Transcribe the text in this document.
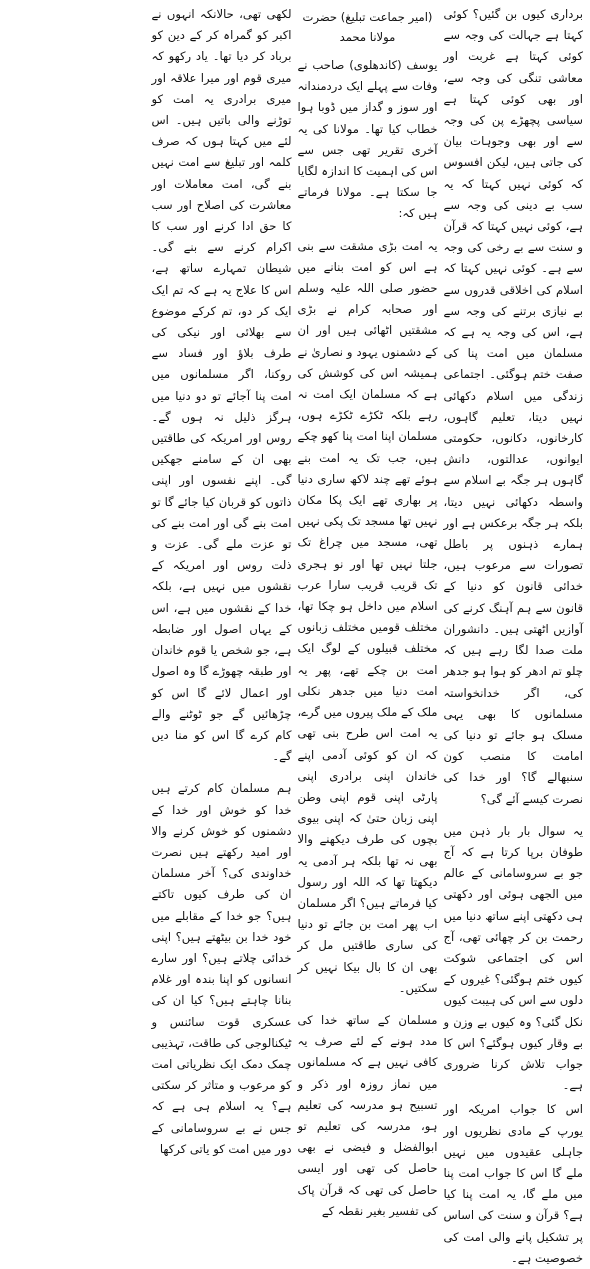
برداری کیوں بن گئیں؟ کوئی کہتا ہے جہالت کی وجہ سے کوئی کہتا ہے غربت اور معاشی تنگی کی وجہ سے، اور بھی کوئی کہتا ہے سیاسی پچھڑے پن کی وجہ سے اور بھی وجوہات بیان کی جاتی ہیں، لیکن افسوس کہ کوئی نہیں کہتا کہ یہ سب بے دینی کی وجہ سے ہے، کوئی نہیں کہتا کہ قرآن و سنت سے بے رخی کی وجہ سے ہے۔ کوئی نہیں کہتا کہ اسلام کی اخلاقی قدروں سے بے نیازی برتنے کی وجہ سے ہے، اس کی وجہ یہ ہے کہ مسلمان میں امت پنا کی صفت ختم ہوگئی۔ اجتماعی زندگی میں اسلام دکھائی نہیں دیتا، تعلیم گاہوں، کارخانوں، دکانوں، حکومتی ایوانوں، عدالتوں، دانش گاہوں ہر جگہ بے اسلام سے واسطہ دکھائی نہیں دیتا، بلکہ ہر جگہ برعکس ہے اور ہمارے ذہنوں پر باطل تصورات سے مرعوب ہیں، خدائی قانون کو دنیا کے قانون سے ہم آہنگ کرنے کی آوازیں اٹھتی ہیں۔ دانشوران ملت صدا لگا رہے ہیں کہ چلو تم ادھر کو ہوا ہو جدھر کی، اگر خدانخواستہ مسلمانوں کا بھی یہی مسلک ہو جائے تو دنیا کی امامت کا منصب کون سنبھالے گا؟ اور خدا کی نصرت کیسے آئے گی؟

یہ سوال بار بار ذہن میں طوفان برپا کرتا ہے کہ آج جو بے سروسامانی کے عالم میں الجھی ہوئی اور دکھتی ہی دکھتی اپنے ساتھ دنیا میں رحمت بن کر چھائی تھی، آج اس کی اجتماعی شوکت کیوں ختم ہوگئی؟ غیروں کے دلوں سے اس کی ہیبت کیوں نکل گئی؟ وہ کیوں بے وزن و بے وقار کیوں ہوگئے؟ اس کا جواب تلاش کرنا ضروری ہے۔

اس کا جواب امریکہ اور یورپ کے مادی نظریوں اور جاہلی عقیدوں میں نہیں ملے گا اس کا جواب امت پنا میں ملے گا، یہ امت پنا کیا ہے؟ قرآن و سنت کی اساس پر تشکیل پانے والی امت کی خصوصیت ہے۔

(امیر جماعت تبلیغ) حضرت مولانا محمد

یوسف (کاندھلوی) صاحب نے وفات سے پہلے ایک دردمندانہ اور سوز و گداز میں ڈوبا ہوا خطاب کیا تھا۔ مولانا کی یہ آخری تقریر تھی جس سے اس کی اہمیت کا اندازہ لگایا جا سکتا ہے۔ مولانا فرماتے ہیں کہ:

یہ امت بڑی مشقت سے بنی ہے اس کو امت بنانے میں حضور صلی اللہ علیہ وسلم اور صحابہ کرام نے بڑی مشقتیں اٹھائی ہیں اور ان کے دشمنوں یہود و نصاریٰ نے ہمیشہ اس کی کوشش کی ہے کہ مسلمان ایک امت نہ رہے بلکہ ٹکڑے ٹکڑے ہوں، مسلمان اپنا امت پنا کھو چکے ہیں، جب تک یہ امت بنے ہوئے تھے چند لاکھ ساری دنیا پر بھاری تھے ایک پکا مکان نہیں تھا مسجد تک پکی نہیں تھی، مسجد میں چراغ تک جلتا نہیں تھا اور نو ہجری تک قریب قریب سارا عرب اسلام میں داخل ہو چکا تھا، مختلف قومیں مختلف زبانوں مختلف قبیلوں کے لوگ ایک امت بن چکے تھے، پھر یہ امت دنیا میں جدھر نکلی ملک کے ملک پیروں میں گرے، یہ امت اس طرح بنی تھی کہ ان کو کوئی آدمی اپنے خاندان اپنی برادری اپنی پارٹی اپنی قوم اپنی وطن اپنی زبان حتیٰ کہ اپنی بیوی بچوں کی طرف دیکھنے والا بھی نہ تھا بلکہ ہر آدمی یہ دیکھتا تھا کہ اللہ اور رسول کیا فرماتے ہیں؟ اگر مسلمان اب پھر امت بن جائے تو دنیا کی ساری طاقتیں مل کر بھی ان کا بال بیکا نہیں کر سکتیں۔

مسلمان کے ساتھ خدا کی مدد ہونے کے لئے صرف یہ کافی نہیں ہے کہ مسلمانوں میں نماز روزہ اور ذکر و تسبیح ہو مدرسہ کی تعلیم ہو، مدرسہ کی تعلیم تو ابوالفضل و فیضی نے بھی حاصل کی تھی اور ایسی حاصل کی تھی کہ قرآن پاک کی تفسیر بغیر نقطہ کے

لکھی تھی، حالانکہ انہوں نے اکبر کو گمراہ کر کے دین کو برباد کر دیا تھا۔ یاد رکھو کہ میری قوم اور میرا علاقہ اور میری برادری یہ امت کو توڑنے والی باتیں ہیں۔ اس لئے میں کہتا ہوں کہ صرف کلمہ اور تبلیغ سے امت نہیں بنے گی، امت معاملات اور معاشرت کی اصلاح اور سب کا حق ادا کرنے اور سب کا اکرام کرنے سے بنے گی۔ شیطان تمہارے ساتھ ہے، اس کا علاج یہ ہے کہ تم ایک ایک کر دو، تم کرکے موضوع سے بھلائی اور نیکی کی طرف بلاؤ اور فساد سے روکنا، اگر مسلمانوں میں امت پنا آجائے تو دو دنیا میں ہرگز ذلیل نہ ہوں گے۔ روس اور امریکہ کی طاقتیں بھی ان کے سامنے جھکیں گی۔ اپنے نفسوں اور اپنی ذاتوں کو قربان کیا جائے گا تو امت بنے گی اور امت بنے کی تو عزت ملے گی۔ عزت و ذلت روس اور امریکہ کے نقشوں میں نہیں ہے، بلکہ خدا کے نقشوں میں ہے، اس کے یہاں اصول اور ضابطہ ہے، جو شخص یا قوم خاندان اور طبقہ چھوڑے گا وہ اصول اور اعمال لائے گا اس کو چڑھائیں گے جو ٹوٹنے والے کام کرے گا اس کو منا دیں گے۔

ہم مسلمان کام کرتے ہیں خدا کو خوش اور خدا کے دشمنوں کو خوش کرنے والا اور امید رکھتے ہیں نصرت خداوندی کی؟ آخر مسلمان ان کی طرف کیوں تاکتے ہیں؟ جو خدا کے مقابلے میں خود خدا بن بیٹھتے ہیں؟ اپنی خدائی چلاتے ہیں؟ اور سارے انسانوں کو اپنا بندہ اور غلام بنانا چاہتے ہیں؟ کیا ان کی عسکری قوت سائنس و ٹیکنالوجی کی طاقت، تہذیبی چمک دمک ایک نظریاتی امت کو مرعوب و متاثر کر سکتی ہے؟ یہ اسلام ہی ہے کہ جس نے بے سروسامانی کے دور میں امت کو یاتی کرکھا
